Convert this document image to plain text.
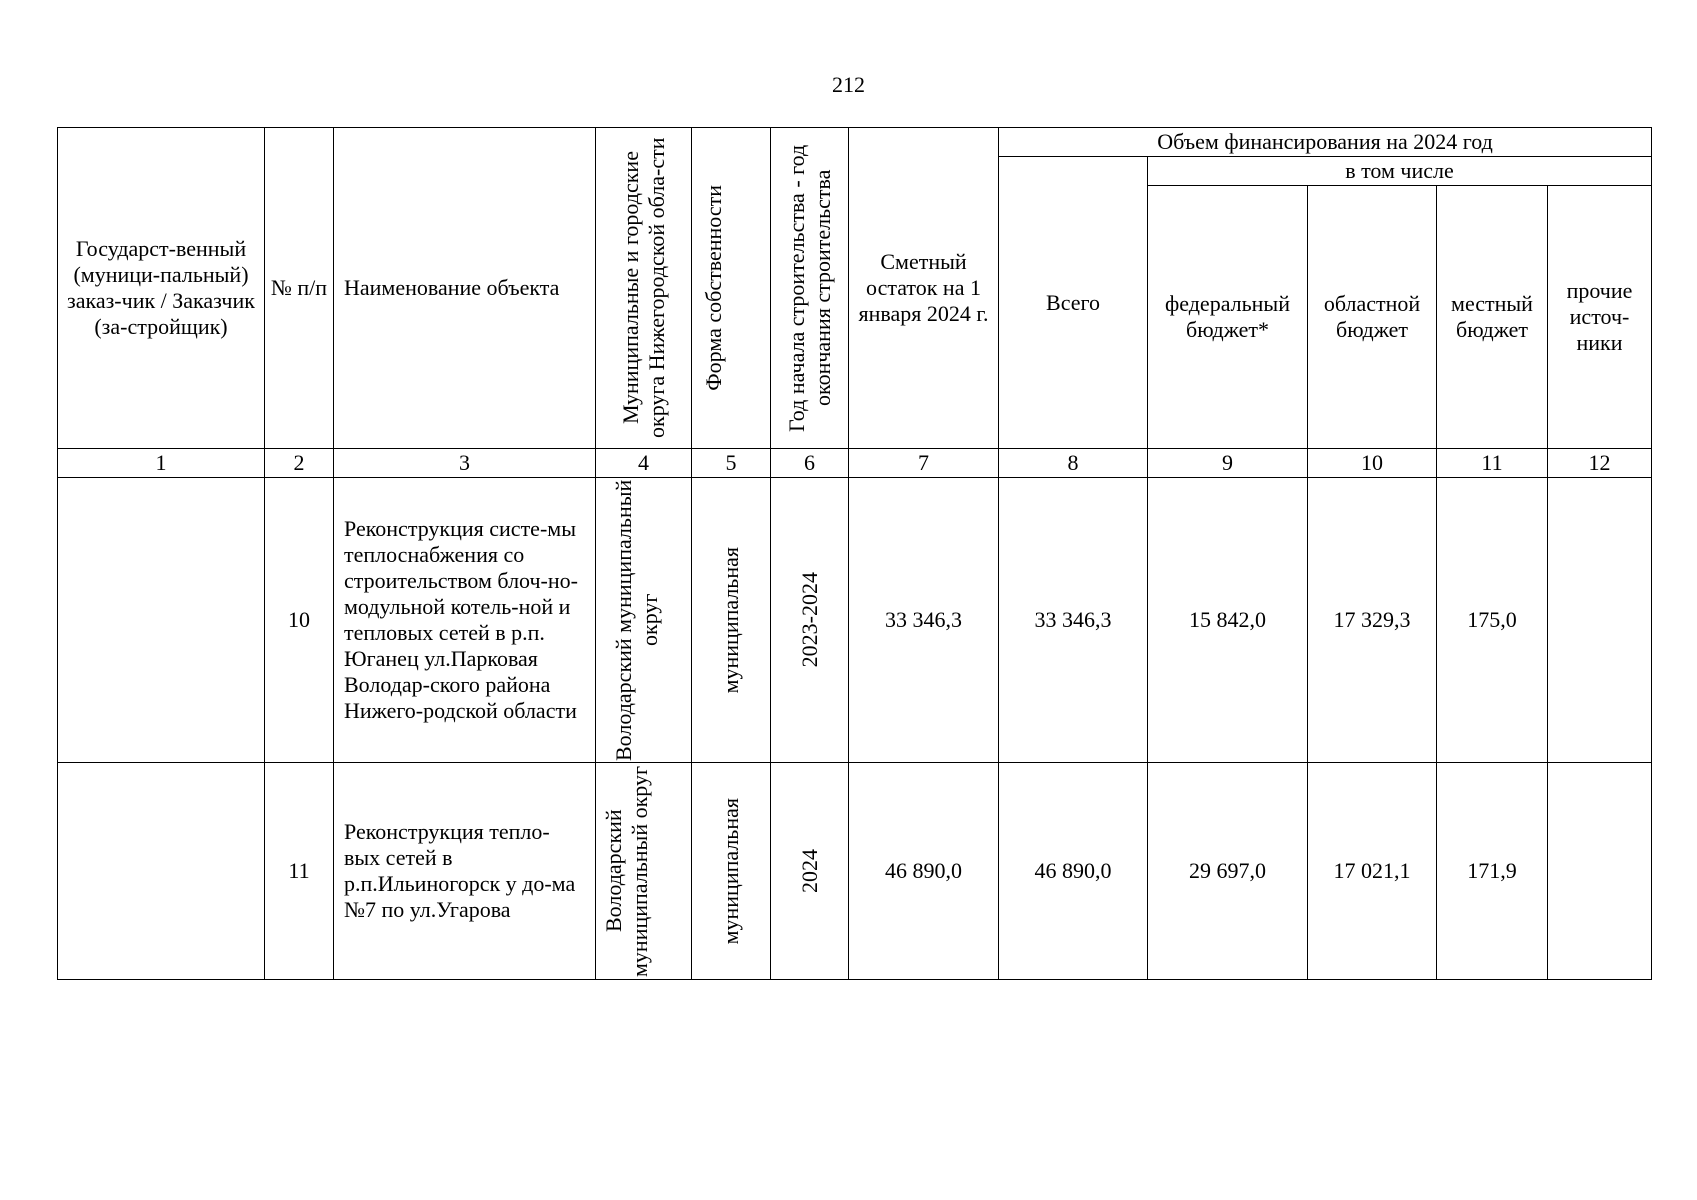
212
Государст-венный (муници-пальный) заказ-чик / Заказчик (за-стройщик)	№ п/п	Наименование объекта	Муниципальные и городские округа Нижегородской обла-сти	Форма собственности	Год начала строительства - год окончания строительства	Сметный остаток на 1 января 2024 г.	Объем финансирования на 2024 год				
							Всего	в том числе			
								федеральный бюджет*	областной бюджет	местный бюджет	прочие источ-ники
1	2	3	4	5	6	7	8	9	10	11	12
	10	Реконструкция систе-мы теплоснабжения со строительством блоч-но-модульной котель-ной и тепловых сетей в р.п. Юганец ул.Парковая Володар-ского района Нижего-родской области	Володарский муниципальный округ	муниципальная	2023-2024	33 346,3	33 346,3	15 842,0	17 329,3	175,0	
	11	Реконструкция тепло-вых сетей в р.п.Ильиногорск у до-ма №7 по ул.Угарова	Володарский муниципальный округ	муниципальная	2024	46 890,0	46 890,0	29 697,0	17 021,1	171,9	
